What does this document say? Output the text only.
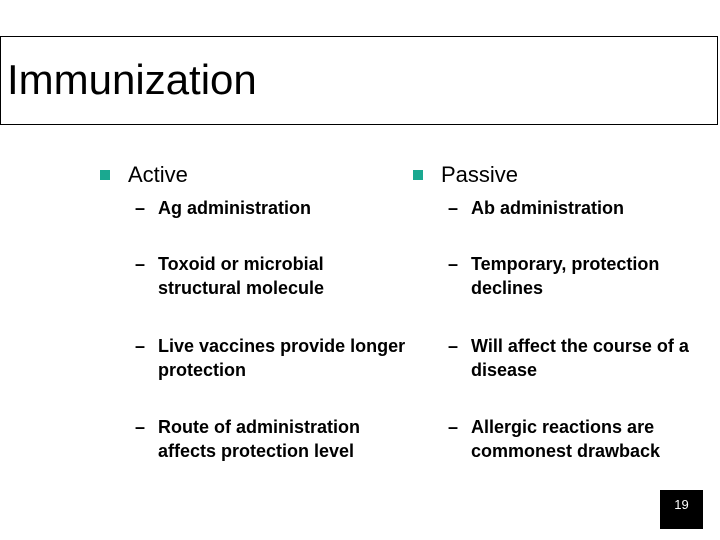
Immunization
Active
– Ag administration
– Toxoid or microbial structural molecule
– Live vaccines provide longer protection
– Route of administration affects protection level
Passive
– Ab administration
– Temporary, protection declines
– Will affect the course of a disease
– Allergic reactions are commonest drawback
19
